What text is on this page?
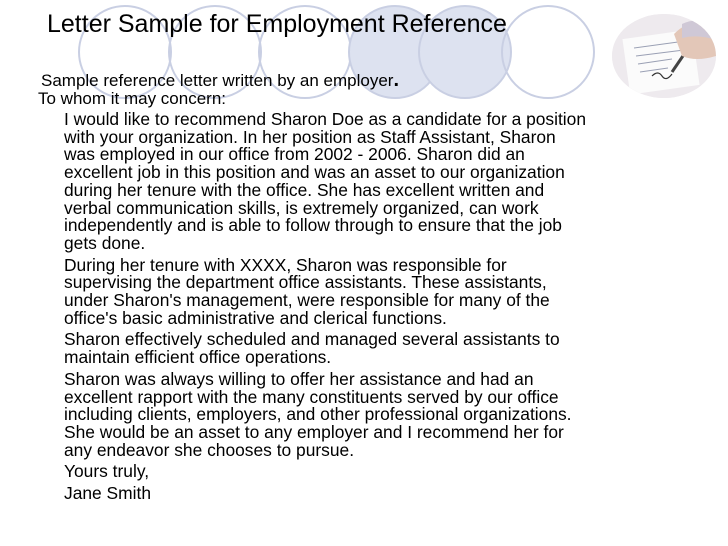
Letter Sample for Employment Reference

Sample reference letter written by an employer.

To whom it may concern:

I would like to recommend Sharon Doe as a candidate for a position
with your organization. In her position as Staff Assistant, Sharon
was employed in our office from 2002 - 2006. Sharon did an
excellent job in this position and was an asset to our organization
during her tenure with the office. She has excellent written and
verbal communication skills, is extremely organized, can work
independently and is able to follow through to ensure that the job
gets done.

During her tenure with XXXX, Sharon was responsible for
supervising the department office assistants. These assistants,
under Sharon's management, were responsible for many of the
office's basic administrative and clerical functions.

Sharon effectively scheduled and managed several assistants to
maintain efficient office operations.

Sharon was always willing to offer her assistance and had an
excellent rapport with the many constituents served by our office
including clients, employers, and other professional organizations.
She would be an asset to any employer and I recommend her for
any endeavor she chooses to pursue.

Yours truly,

Jane Smith
